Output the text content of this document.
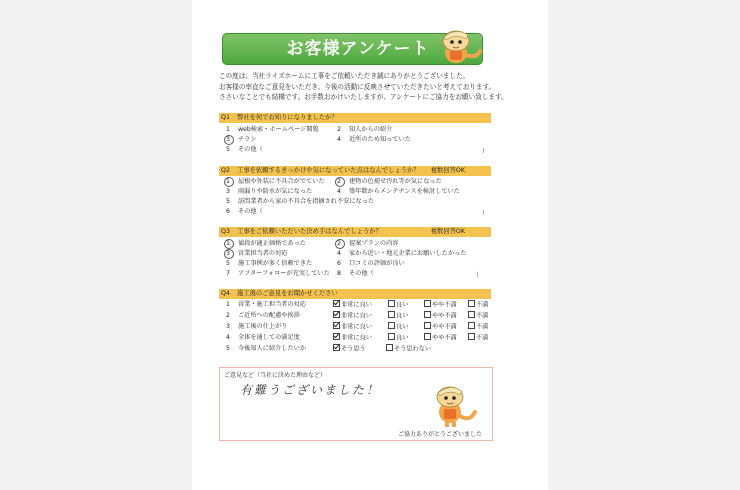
お客様アンケート
この度は、当社ライズホームに工事をご依頼いただき誠にありがとうございました。
お客様の率直なご意見をいただき、今後の活動に反映させていただきたいと考えております。
ささいなことでも結構です。お手数おかけいたしますが、アンケートにご協力をお願い致します。
Q1 弊社を何でお知りになりましたか？
1 web検索・ホームページ閲覧	2 知人からの紹介
3 チラシ	4 近所のため知っていた
5 その他（	）
Q2 工事を依頼するきっかけや気になっていた点はなんでしょうか？ 複数回答OK
1 屋根や外装に不具合がでていた 2 建物の色褪せ汚れ等が気になった
3 雨漏りや防水が気になった	4 築年数からメンテナンスを検討していた
5 訪問業者から家の不具合を指摘され不安になった
6 その他（	）
Q3 工事をご依頼いただいた決め手はなんでしょうか？	複数回答OK
1 値段が適正価格であった	2 提案プランの内容
3 営業担当者の対応	4 家から近い・地元企業にお願いしたかった
5 施工事例が多く信頼できた	6 口コミの評価が良い
7 アフターフォローが充実していた 8 その他（	）
Q4 施工後のご意見をお聞かせください
1 営業・施工担当者の対応	非常に良い	良い	やや不満	不満
2 ご近所への配慮や挨拶	非常に良い	良い	やや不満	不満
3 施工後の仕上がり	非常に良い	良い	やや不満	不満
4 全体を通しての満足度	非常に良い	良い	やや不満	不満
5 今後知人に紹介したいか	そう思う	そう思わない
ご意見など（当社に決めた理由など）
有難うございました！
ご協力ありがとうございました
